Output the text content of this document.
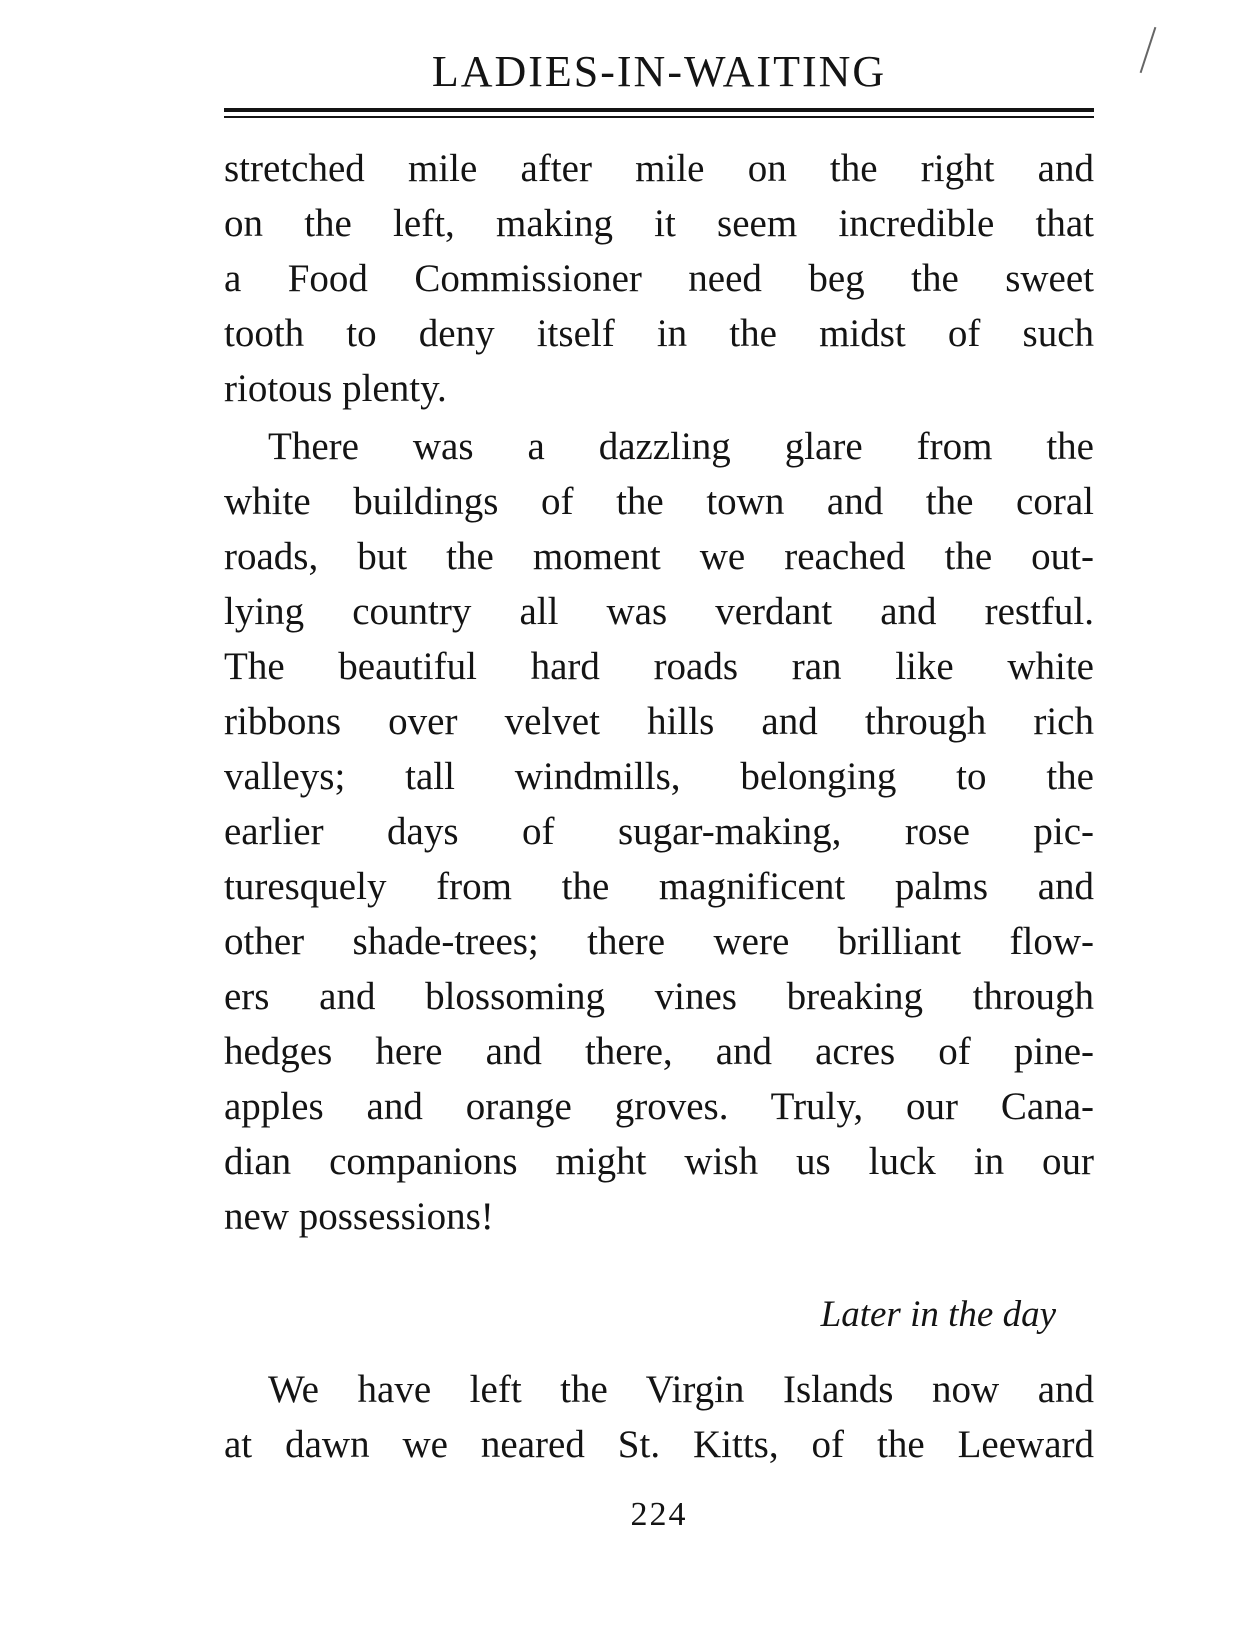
LADIES-IN-WAITING
stretched mile after mile on the right and
on the left, making it seem incredible that
a Food Commissioner need beg the sweet
tooth to deny itself in the midst of such
riotous plenty.
There was a dazzling glare from the
white buildings of the town and the coral
roads, but the moment we reached the out-
lying country all was verdant and restful.
The beautiful hard roads ran like white
ribbons over velvet hills and through rich
valleys; tall windmills, belonging to the
earlier days of sugar-making, rose pic-
turesquely from the magnificent palms and
other shade-trees; there were brilliant flow-
ers and blossoming vines breaking through
hedges here and there, and acres of pine-
apples and orange groves. Truly, our Cana-
dian companions might wish us luck in our
new possessions!

Later in the day

We have left the Virgin Islands now and
at dawn we neared St. Kitts, of the Leeward

224
